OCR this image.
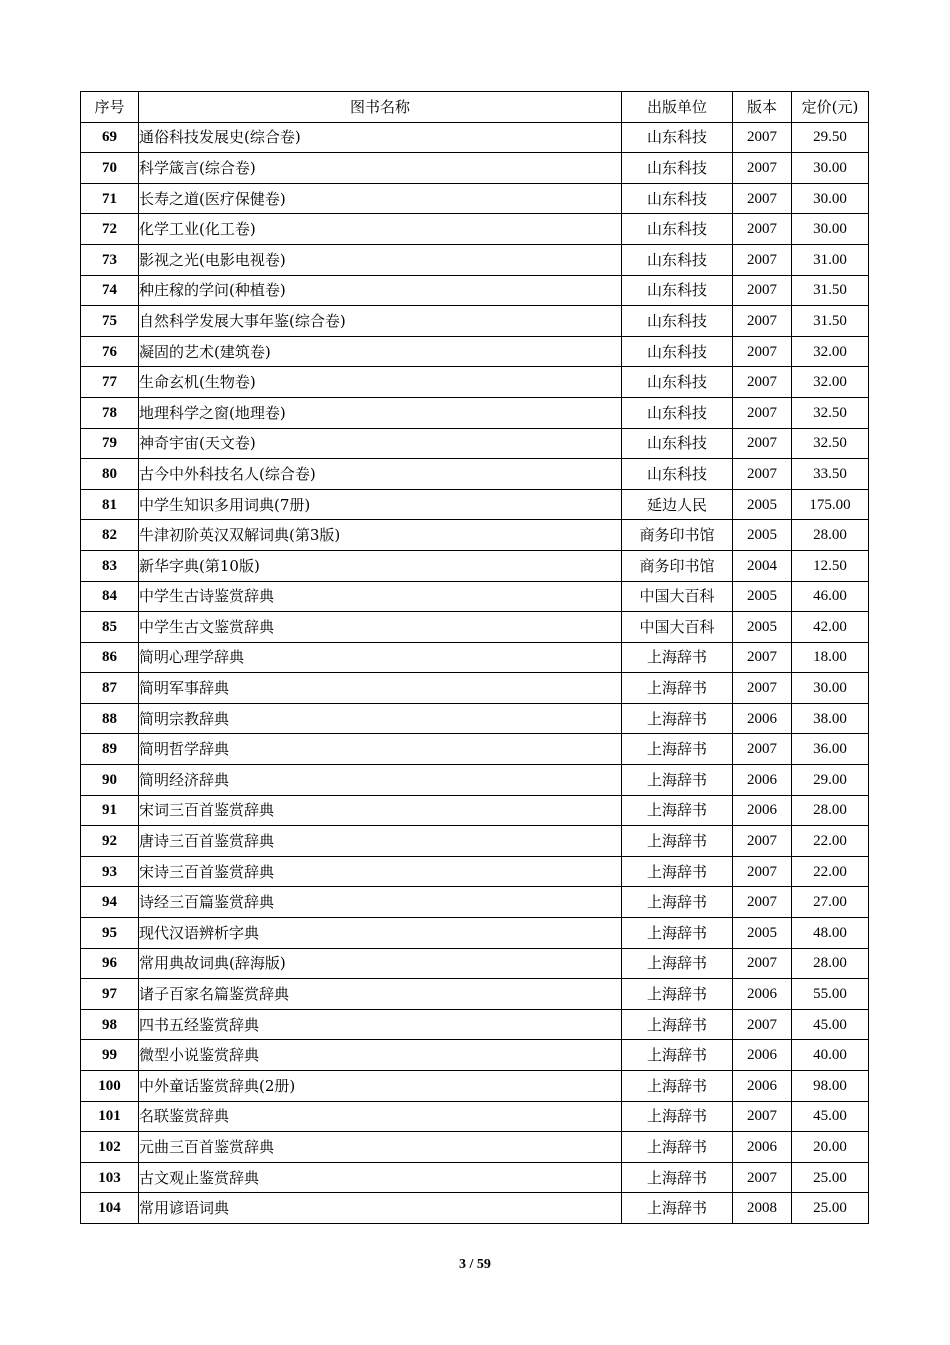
序号	图书名称	出版单位	版本	定价(元)
69	通俗科技发展史(综合卷)	山东科技	2007	29.50
70	科学箴言(综合卷)	山东科技	2007	30.00
71	长寿之道(医疗保健卷)	山东科技	2007	30.00
72	化学工业(化工卷)	山东科技	2007	30.00
73	影视之光(电影电视卷)	山东科技	2007	31.00
74	种庄稼的学问(种植卷)	山东科技	2007	31.50
75	自然科学发展大事年鉴(综合卷)	山东科技	2007	31.50
76	凝固的艺术(建筑卷)	山东科技	2007	32.00
77	生命玄机(生物卷)	山东科技	2007	32.00
78	地理科学之窗(地理卷)	山东科技	2007	32.50
79	神奇宇宙(天文卷)	山东科技	2007	32.50
80	古今中外科技名人(综合卷)	山东科技	2007	33.50
81	中学生知识多用词典(7册)	延边人民	2005	175.00
82	牛津初阶英汉双解词典(第3版)	商务印书馆	2005	28.00
83	新华字典(第10版)	商务印书馆	2004	12.50
84	中学生古诗鉴赏辞典	中国大百科	2005	46.00
85	中学生古文鉴赏辞典	中国大百科	2005	42.00
86	简明心理学辞典	上海辞书	2007	18.00
87	简明军事辞典	上海辞书	2007	30.00
88	简明宗教辞典	上海辞书	2006	38.00
89	简明哲学辞典	上海辞书	2007	36.00
90	简明经济辞典	上海辞书	2006	29.00
91	宋词三百首鉴赏辞典	上海辞书	2006	28.00
92	唐诗三百首鉴赏辞典	上海辞书	2007	22.00
93	宋诗三百首鉴赏辞典	上海辞书	2007	22.00
94	诗经三百篇鉴赏辞典	上海辞书	2007	27.00
95	现代汉语辨析字典	上海辞书	2005	48.00
96	常用典故词典(辞海版)	上海辞书	2007	28.00
97	诸子百家名篇鉴赏辞典	上海辞书	2006	55.00
98	四书五经鉴赏辞典	上海辞书	2007	45.00
99	微型小说鉴赏辞典	上海辞书	2006	40.00
100	中外童话鉴赏辞典(2册)	上海辞书	2006	98.00
101	名联鉴赏辞典	上海辞书	2007	45.00
102	元曲三百首鉴赏辞典	上海辞书	2006	20.00
103	古文观止鉴赏辞典	上海辞书	2007	25.00
104	常用谚语词典	上海辞书	2008	25.00
3 / 59
